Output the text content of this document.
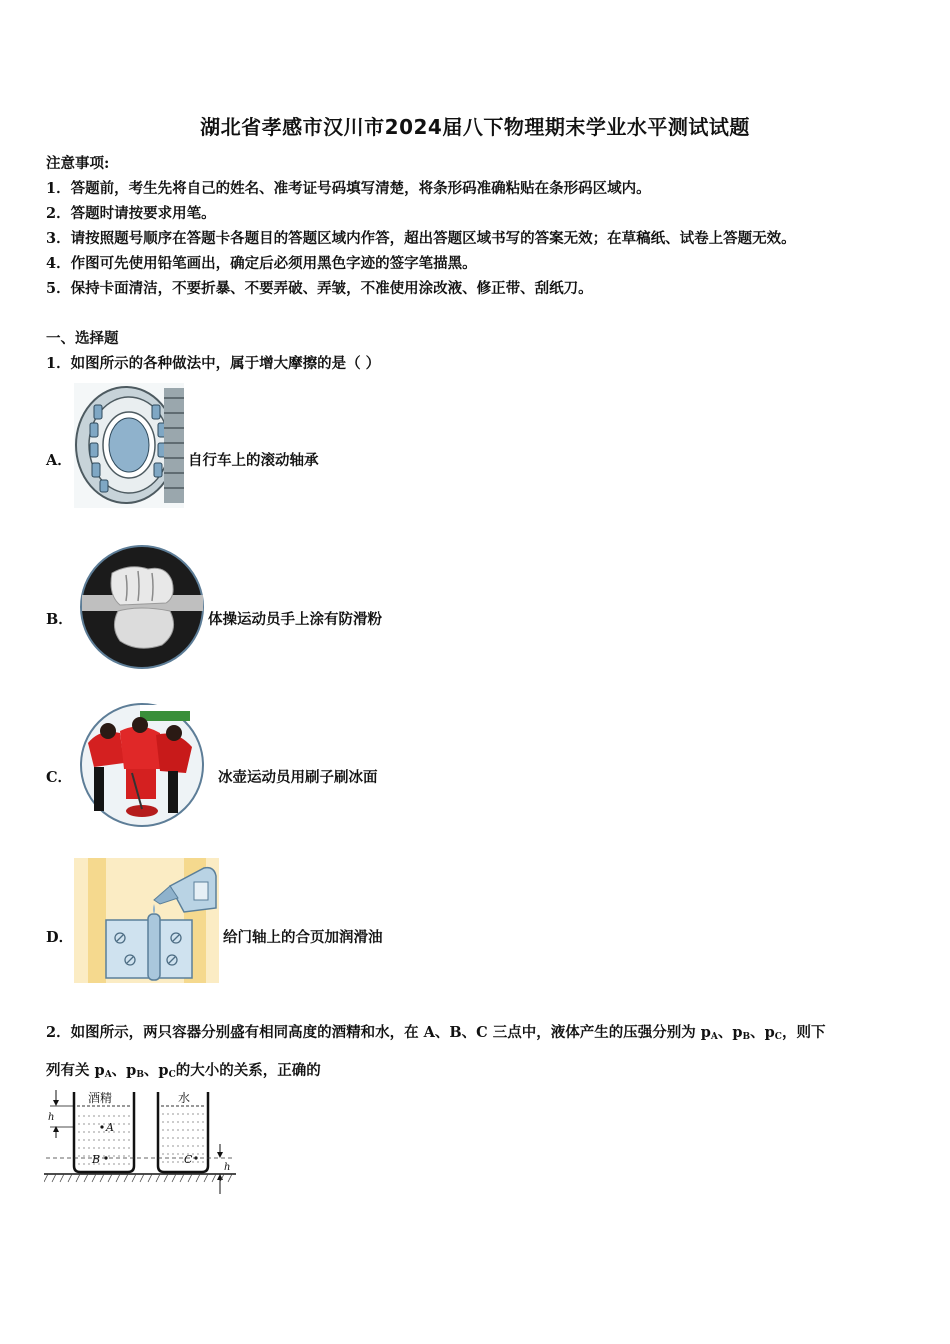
湖北省孝感市汉川市2024届八下物理期末学业水平测试试题
注意事项:
1．答题前，考生先将自己的姓名、准考证号码填写清楚，将条形码准确粘贴在条形码区域内。
2．答题时请按要求用笔。
3．请按照题号顺序在答题卡各题目的答题区域内作答，超出答题区域书写的答案无效；在草稿纸、试卷上答题无效。
4．作图可先使用铅笔画出，确定后必须用黑色字迹的签字笔描黑。
5．保持卡面清洁，不要折暴、不要弄破、弄皱，不准使用涂改液、修正带、刮纸刀。
一、选择题
1．如图所示的各种做法中，属于增大摩擦的是（ ）
A．	自行车上的滚动轴承
B．	体操运动员手上涂有防滑粉
C．	冰壶运动员用刷子刷冰面
D．	给门轴上的合页加润滑油
2．如图所示，两只容器分别盛有相同高度的酒精和水，在 A、B、C 三点中，液体产生的压强分别为 $p_A$、$p_B$、$p_C$，则下
列有关 $p_A$、$p_B$、$p_C$的大小的关系，正确的
酒精	水
A
B	C
h
h
